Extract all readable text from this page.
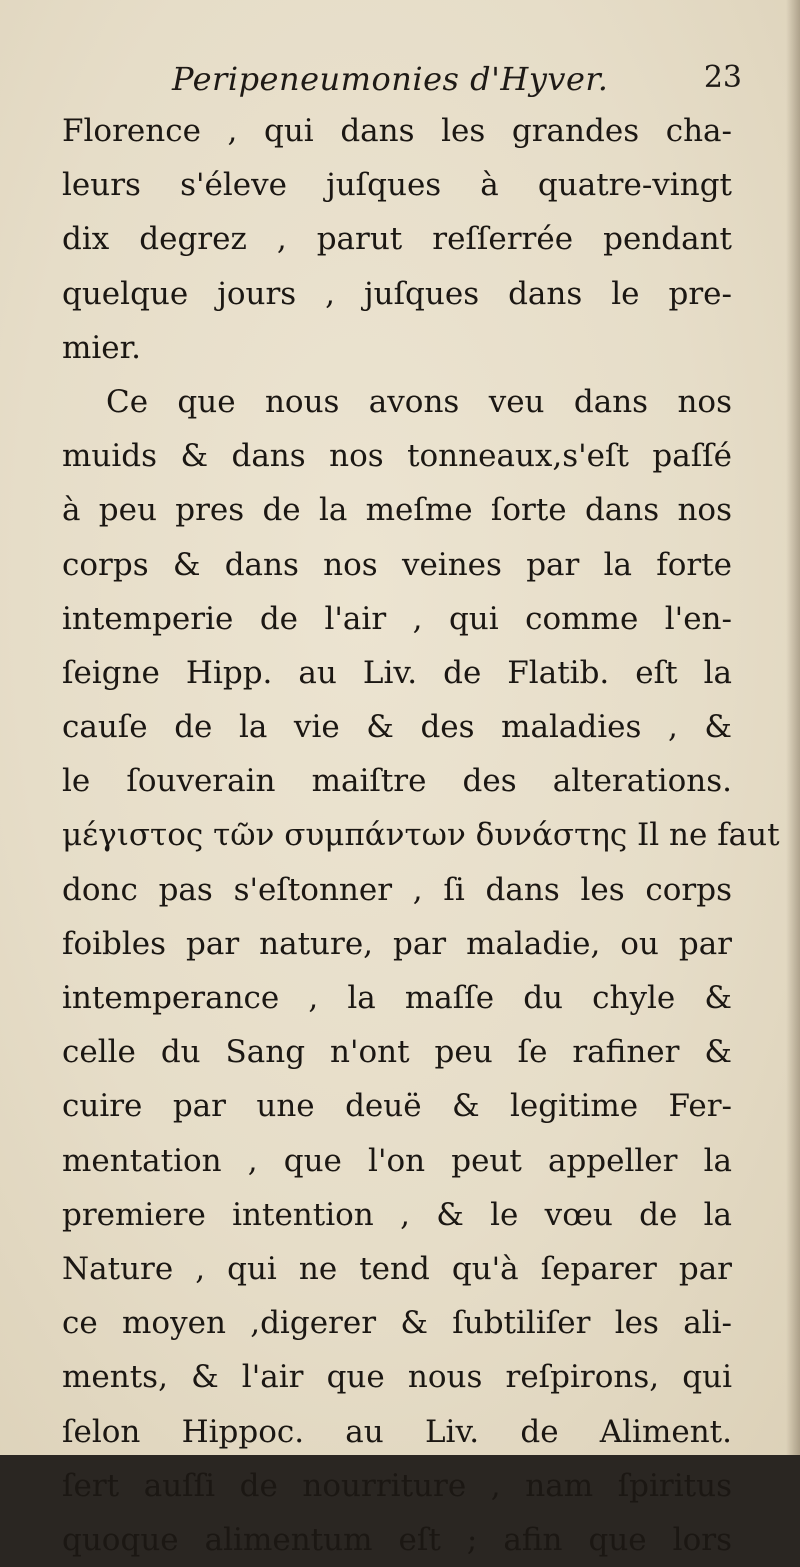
Peripeneumonies d'Hyver.	23
Florence , qui dans les grandes cha-
leurs s'éleve juſques à quatre-vingt
dix degrez , parut reſſerrée pendant
quelque jours , juſques dans le pre-
mier.
Ce que nous avons veu dans nos
muids & dans nos tonneaux,s'eſt paſſé
à peu pres de la meſme ſorte dans nos
corps & dans nos veines par la forte
intemperie de l'air , qui comme l'en-
ſeigne Hipp. au Liv. de Flatib. eſt la
cauſe de la vie & des maladies , &
le ſouverain maiſtre des alterations.
μέγιστος τῶν συμπάντων δυνάστης Il ne faut
donc pas s'eſtonner , ſi dans les corps
foibles par nature, par maladie, ou par
intemperance , la maſſe du chyle &
celle du Sang n'ont peu ſe rafiner &
cuire par une deuë & legitime Fer-
mentation , que l'on peut appeller la
premiere intention , & le vœu de la
Nature , qui ne tend qu'à ſeparer par
ce moyen ,digerer & ſubtiliſer les ali-
ments, & l'air que nous reſpirons, qui
ſelon Hippoc. au Liv. de Aliment.
ſert auſſi de nourriture , nam ſpiritus
quoque alimentum eſt ; afin que lors
